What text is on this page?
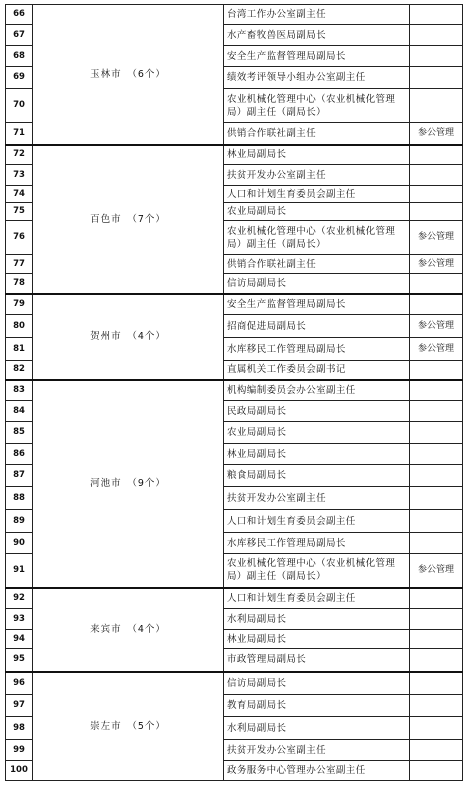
66	玉林市　（6个）	台湾工作办公室副主任	
67		水产畜牧兽医局副局长	
68		安全生产监督管理局副局长	
69		绩效考评领导小组办公室副主任	
70		农业机械化管理中心（农业机械化管理局）副主任（副局长）	
71		供销合作联社副主任	参公管理
72	百色市　（7个）	林业局副局长	
73		扶贫开发办公室副主任	
74		人口和计划生育委员会副主任	
75		农业局副局长	
76		农业机械化管理中心（农业机械化管理局）副主任（副局长）	参公管理
77		供销合作联社副主任	参公管理
78		信访局副局长	
79	贺州市　（4个）	安全生产监督管理局副局长	
80		招商促进局副局长	参公管理
81		水库移民工作管理局副局长	参公管理
82		直属机关工作委员会副书记	
83	河池市　（9个）	机构编制委员会办公室副主任	
84		民政局副局长	
85		农业局副局长	
86		林业局副局长	
87		粮食局副局长	
88		扶贫开发办公室副主任	
89		人口和计划生育委员会副主任	
90		水库移民工作管理局副局长	
91		农业机械化管理中心（农业机械化管理局）副主任（副局长）	参公管理
92	来宾市　（4个）	人口和计划生育委员会副主任	
93		水利局副局长	
94		林业局副局长	
95		市政管理局副局长	
96	崇左市　（5个）	信访局副局长	
97		教育局副局长	
98		水利局副局长	
99		扶贫开发办公室副主任	
100		政务服务中心管理办公室副主任	
